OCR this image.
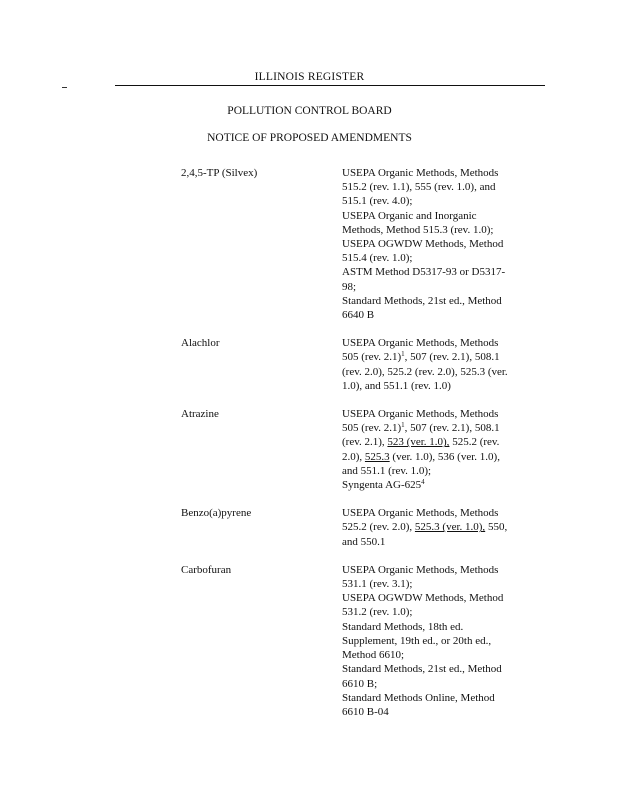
ILLINOIS REGISTER
POLLUTION CONTROL BOARD
NOTICE OF PROPOSED AMENDMENTS
2,4,5-TP (Silvex)	USEPA Organic Methods, Methods
515.2 (rev. 1.1), 555 (rev. 1.0), and
515.1 (rev. 4.0);
USEPA Organic and Inorganic
Methods, Method 515.3 (rev. 1.0);
USEPA OGWDW Methods, Method
515.4 (rev. 1.0);
ASTM Method D5317-93 or D5317-
98;
Standard Methods, 21st ed., Method
6640 B
Alachlor	USEPA Organic Methods, Methods
505 (rev. 2.1)$^1$, 507 (rev. 2.1), 508.1
(rev. 2.0), 525.2 (rev. 2.0), 525.3 (ver.
1.0), and 551.1 (rev. 1.0)
Atrazine	USEPA Organic Methods, Methods
505 (rev. 2.1)$^1$, 507 (rev. 2.1), 508.1
(rev. 2.1), 523 (ver. 1.0), 525.2 (rev.
2.0), 525.3 (ver. 1.0), 536 (ver. 1.0),
and 551.1 (rev. 1.0);
Syngenta $AG-625^4$
Benzo(a)pyrene	USEPA Organic Methods, Methods
525.2 (rev. 2.0), 525.3 (ver. 1.0), 550,
and 550.1
Carbofuran	USEPA Organic Methods, Methods
531.1 (rev. 3.1);
USEPA OGWDW Methods, Method
531.2 (rev. 1.0);
Standard Methods, 18th ed.
Supplement, 19th ed., or 20th ed.,
Method 6610;
Standard Methods, 21st ed., Method
6610 B;
Standard Methods Online, Method
6610 B-04
